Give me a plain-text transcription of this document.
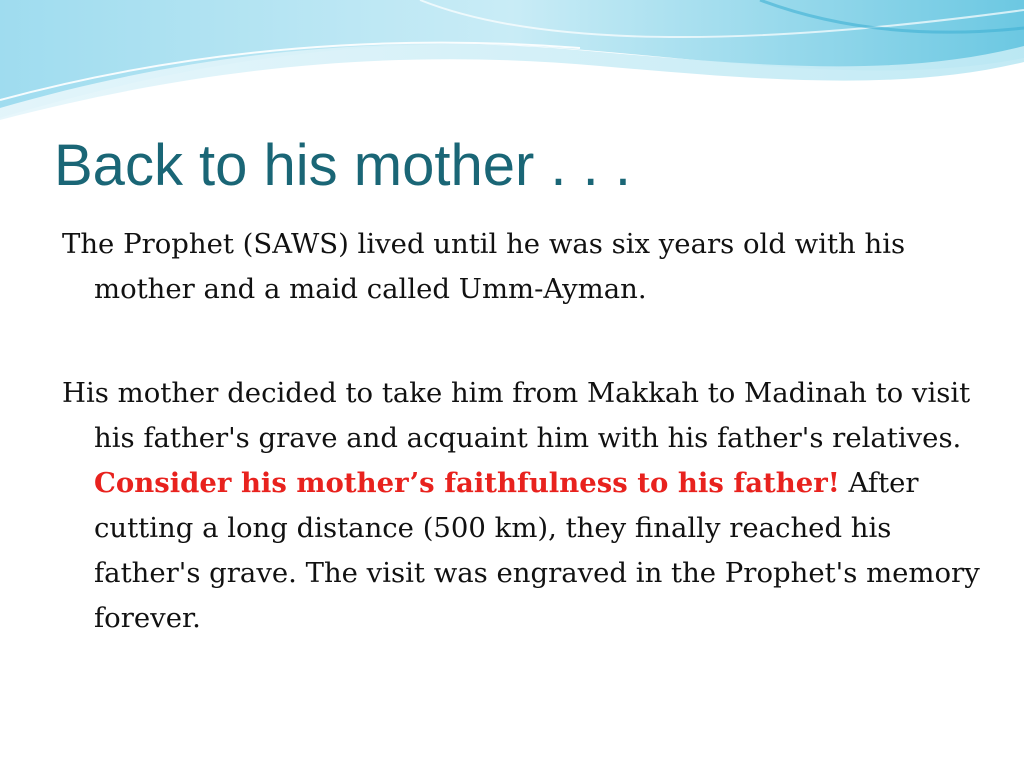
Back to his mother . . .

The Prophet (SAWS) lived until he was six years old with his mother and a maid called Umm-Ayman.

His mother decided to take him from Makkah to Madinah to visit his father's grave and acquaint him with his father's relatives. Consider his mother’s faithfulness to his father! After cutting a long distance (500 km), they finally reached his father's grave. The visit was engraved in the Prophet's memory forever.
